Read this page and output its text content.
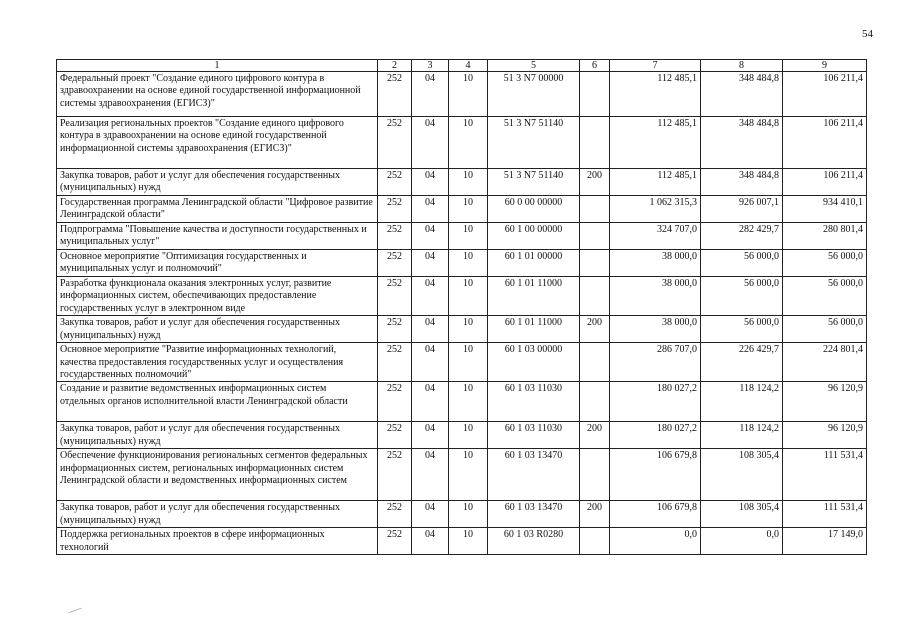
54
1	2	3	4	5	6	7	8	9
Федеральный проект "Создание единого цифрового контура в здравоохранении на основе единой государственной информационной системы здравоохранения (ЕГИСЗ)"	252	04	10	51 3 N7 00000		112 485,1	348 484,8	106 211,4
Реализация региональных проектов "Создание единого цифрового контура в здравоохранении на основе единой государственной информационной системы здравоохранения (ЕГИСЗ)"	252	04	10	51 3 N7 51140		112 485,1	348 484,8	106 211,4
Закупка товаров, работ и услуг для обеспечения государственных (муниципальных) нужд	252	04	10	51 3 N7 51140	200	112 485,1	348 484,8	106 211,4
Государственная программа Ленинградской области "Цифровое развитие Ленинградской области"	252	04	10	60 0 00 00000		1 062 315,3	926 007,1	934 410,1
Подпрограмма "Повышение качества и доступности государственных и муниципальных услуг"	252	04	10	60 1 00 00000		324 707,0	282 429,7	280 801,4
Основное мероприятие "Оптимизация государственных и муниципальных услуг и полномочий"	252	04	10	60 1 01 00000		38 000,0	56 000,0	56 000,0
Разработка функционала оказания электронных услуг, развитие информационных систем, обеспечивающих предоставление государственных услуг в электронном виде	252	04	10	60 1 01 11000		38 000,0	56 000,0	56 000,0
Закупка товаров, работ и услуг для обеспечения государственных (муниципальных) нужд	252	04	10	60 1 01 11000	200	38 000,0	56 000,0	56 000,0
Основное мероприятие "Развитие информационных технологий, качества предоставления государственных услуг и осуществления государственных полномочий"	252	04	10	60 1 03 00000		286 707,0	226 429,7	224 801,4
Создание и развитие ведомственных информационных систем отдельных органов исполнительной власти Ленинградской области	252	04	10	60 1 03 11030		180 027,2	118 124,2	96 120,9
Закупка товаров, работ и услуг для обеспечения государственных (муниципальных) нужд	252	04	10	60 1 03 11030	200	180 027,2	118 124,2	96 120,9
Обеспечение функционирования региональных сегментов федеральных информационных систем, региональных информационных систем Ленинградской области и ведомственных информационных систем	252	04	10	60 1 03 13470		106 679,8	108 305,4	111 531,4
Закупка товаров, работ и услуг для обеспечения государственных (муниципальных) нужд	252	04	10	60 1 03 13470	200	106 679,8	108 305,4	111 531,4
Поддержка региональных проектов в сфере информационных технологий	252	04	10	60 1 03 R0280		0,0	0,0	17 149,0
